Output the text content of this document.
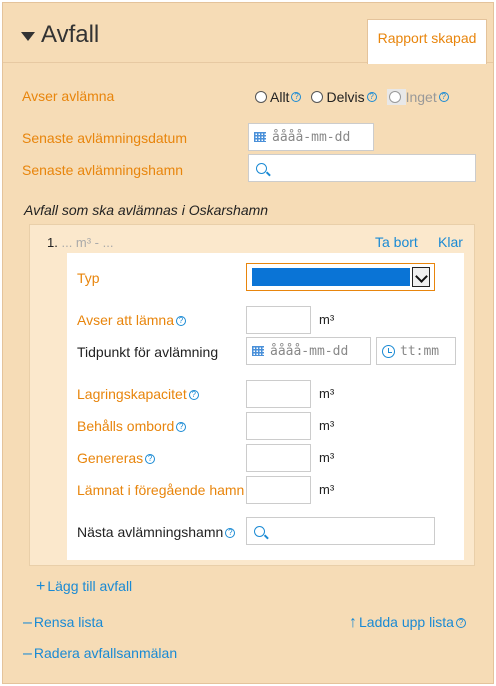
Avfall	Rapport skapad
Avser avlämna	Allt ? Delvis ? Inget ?
Senaste avlämningsdatum	åååå-mm-dd
Senaste avlämningshamn
Avfall som ska avlämnas i Oskarshamn
1. ... m³ - ...	Ta bort Klar
Typ
Avser att lämna ?	m³
Tidpunkt för avlämning	åååå-mm-dd	tt:mm
Lagringskapacitet ?	m³
Behålls ombord ?	m³
Genereras ?	m³
Lämnat i föregående hamn	m³
Nästa avlämningshamn ?
+ Lägg till avfall
– Rensa lista	↑ Ladda upp lista ?
– Radera avfallsanmälan
